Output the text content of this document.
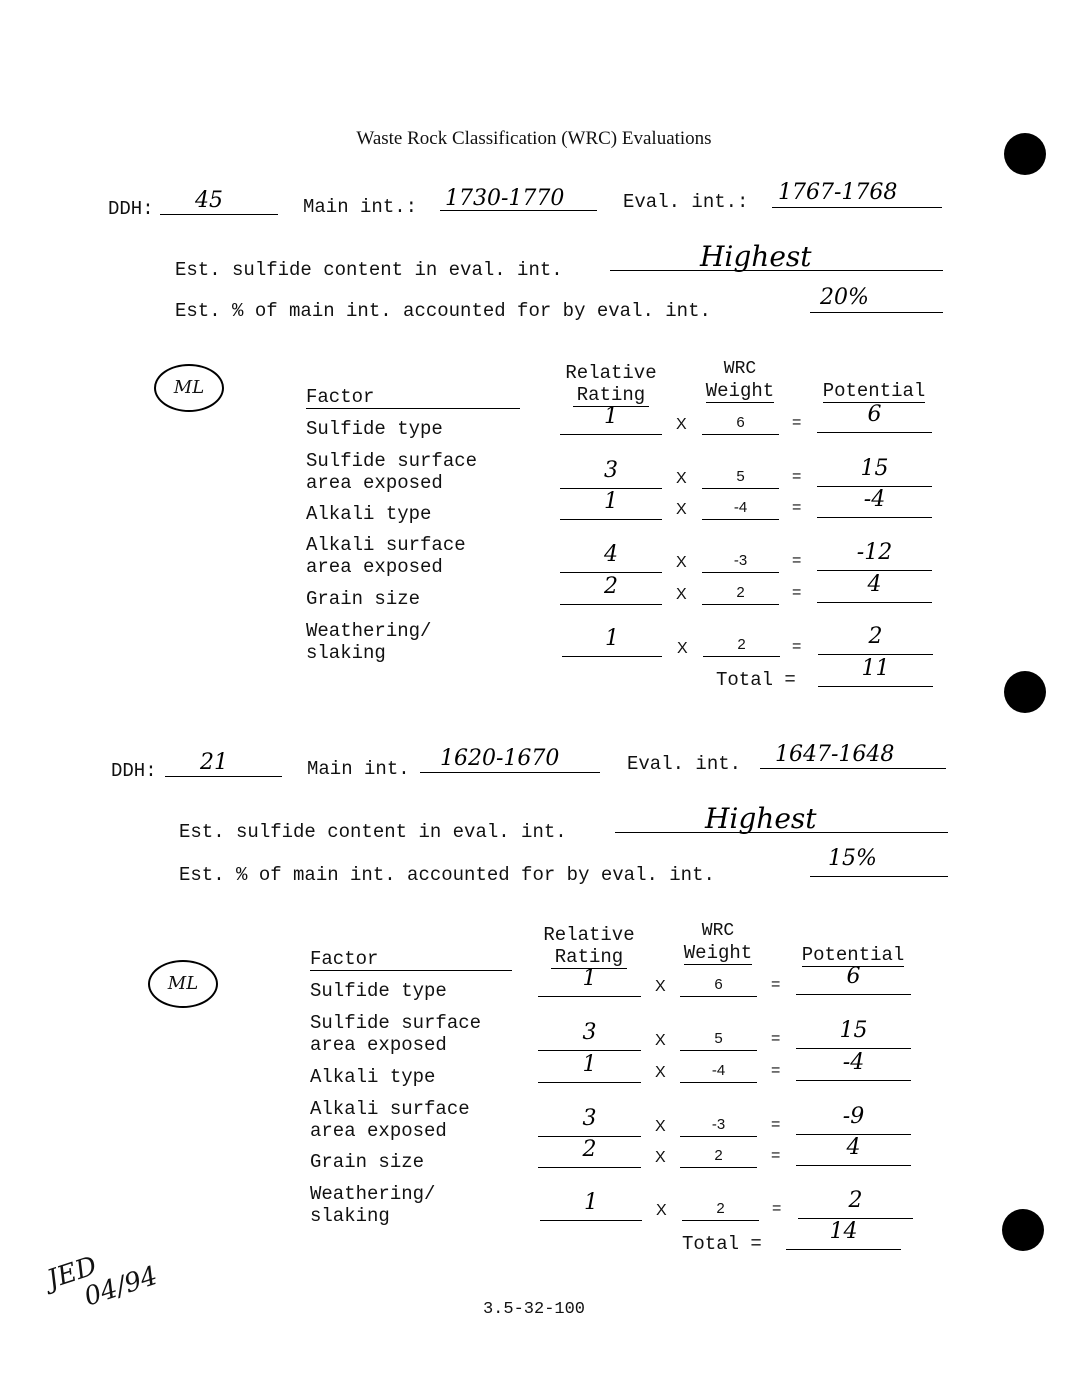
Waste Rock Classification (WRC) Evaluations
DDH: 45	Main int.: 1730-1770	Eval. int.: 1767-1768
Est. sulfide content in eval. int.	Highest
Est. % of main int. accounted for by eval. int.
20%
ML	Factor
Relative
Rating
WRC
Weight	Potential
Sulfide type	1	X	6	=	6
Sulfide surface
area exposed	3	X	5	=	15
Alkali type	1	X	-4	=	-4
Alkali surface
area exposed	4	X	-3	=	-12
Grain size	2	X	2	=	4
Weathering/
slaking
1	X	2	=	2
Total =	11
DDH: 21	Main int. 1620-1670	Eval. int. 1647-1648
Est. sulfide content in eval. int.	Highest
Est. % of main int. accounted for by eval. int.
15%
ML
Factor
Relative
Rating
WRC
Weight	Potential
Sulfide type	1	X	6	=	6
Sulfide surface
area exposed	3	X	5	=	15
Alkali type	1	X	-4	=	-4
Alkali surface
area exposed	3	X	-3	=	-9
Grain size	2	X	2	=	4
Weathering/
slaking
1	X	2	=	2
Total =	14
JED
04/94	3.5-32-100
